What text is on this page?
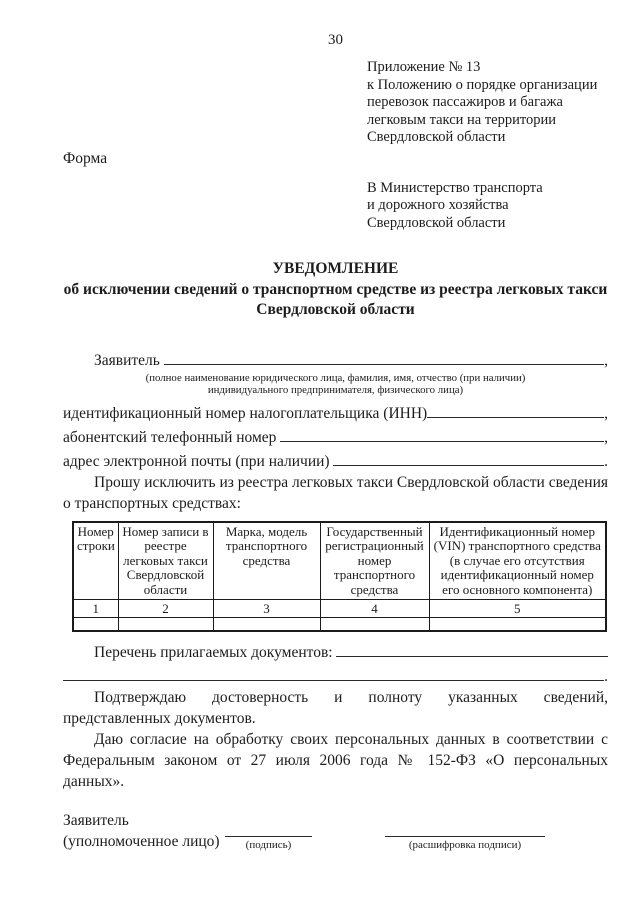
30
Приложение № 13
к Положению о порядке организации
перевозок пассажиров и багажа
легковым такси на территории
Свердловской области
Форма
В Министерство транспорта
и дорожного хозяйства
Свердловской области
УВЕДОМЛЕНИЕ
об исключении сведений о транспортном средстве из реестра легковых такси
Свердловской области
Заявитель
	,
(полное наименование юридического лица, фамилия, имя, отчество (при наличии)
индивидуального предпринимателя, физического лица)
идентификационный номер налогоплательщика (ИНН)	,
абонентский телефонный номер
	,
адрес электронной почты (при наличии)
	.
Прошу исключить из реестра легковых такси Свердловской области сведения о транспортных средствах:
Номер строки	Номер записи в реестре легковых такси Свердловской области	Марка, модель транспортного средства	Государственный регистрационный номер транспортного средства	Идентификационный номер (VIN) транспортного средства (в случае его отсутствия идентификационный номер его основного компонента)
1	2	3	4	5

Перечень прилагаемых документов:

.
Подтверждаю достоверность и полноту указанных сведений, представленных документов.
Даю согласие на обработку своих персональных данных в соответствии с Федеральным законом от 27 июля 2006 года № 152-ФЗ «О персональных данных».
Заявитель
(уполномоченное лицо)	(подпись)	(расшифровка подписи)
